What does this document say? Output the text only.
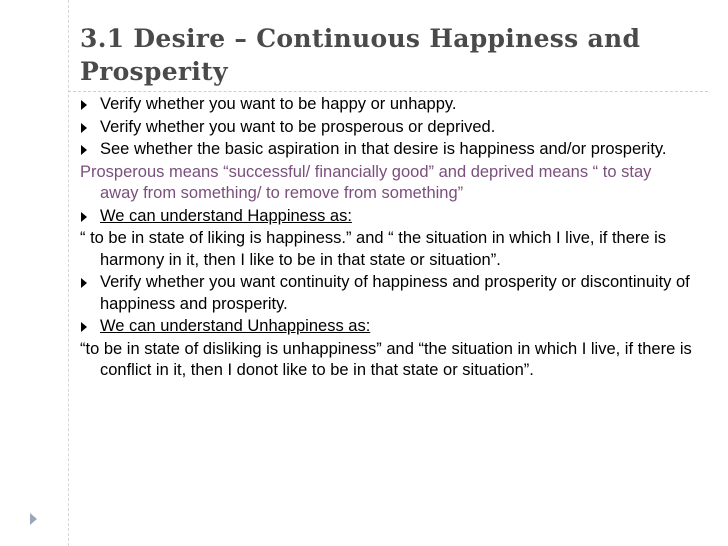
3.1 Desire – Continuous Happiness and Prosperity
Verify whether you want to be happy or unhappy.
Verify whether you want to be prosperous or deprived.
See whether the basic aspiration in that desire is happiness and/or prosperity.
Prosperous means “successful/ financially good” and deprived means “ to stay away from something/ to remove from something”
We can understand Happiness as:
“ to be in state of liking is happiness.” and “ the situation in which I live, if there is harmony in it, then I like to be in that state or situation”.
Verify whether you want continuity of happiness and prosperity or discontinuity of happiness and prosperity.
We can understand Unhappiness as:
“to be in state of disliking is unhappiness” and “the situation in which I live, if there is conflict in it, then I donot like to be in that state or situation”.
